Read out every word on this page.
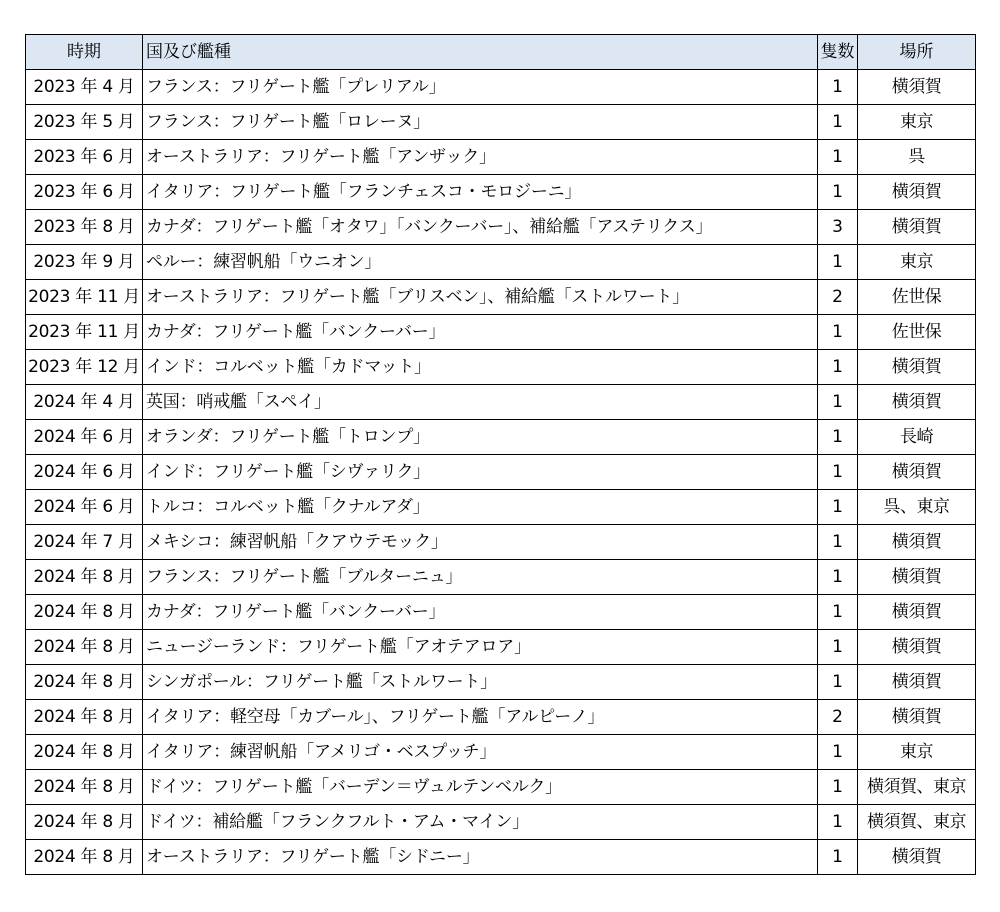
時期	国及び艦種	隻数	場所
2023 年 4 月	フランス：フリゲート艦「プレリアル」	1	横須賀
2023 年 5 月	フランス：フリゲート艦「ロレーヌ」	1	東京
2023 年 6 月	オーストラリア：フリゲート艦「アンザック」	1	呉
2023 年 6 月	イタリア：フリゲート艦「フランチェスコ・モロジーニ」	1	横須賀
2023 年 8 月	カナダ：フリゲート艦「オタワ」「バンクーバー」、補給艦「アステリクス」	3	横須賀
2023 年 9 月	ペルー：練習帆船「ウニオン」	1	東京
2023 年 11 月	オーストラリア：フリゲート艦「ブリスベン」、補給艦「ストルワート」	2	佐世保
2023 年 11 月	カナダ：フリゲート艦「バンクーバー」	1	佐世保
2023 年 12 月	インド：コルベット艦「カドマット」	1	横須賀
2024 年 4 月	英国：哨戒艦「スペイ」	1	横須賀
2024 年 6 月	オランダ：フリゲート艦「トロンプ」	1	長崎
2024 年 6 月	インド：フリゲート艦「シヴァリク」	1	横須賀
2024 年 6 月	トルコ：コルベット艦「クナルアダ」	1	呉、東京
2024 年 7 月	メキシコ：練習帆船「クアウテモック」	1	横須賀
2024 年 8 月	フランス：フリゲート艦「ブルターニュ」	1	横須賀
2024 年 8 月	カナダ：フリゲート艦「バンクーバー」	1	横須賀
2024 年 8 月	ニュージーランド：フリゲート艦「アオテアロア」	1	横須賀
2024 年 8 月	シンガポール：フリゲート艦「ストルワート」	1	横須賀
2024 年 8 月	イタリア：軽空母「カブール」、フリゲート艦「アルピーノ」	2	横須賀
2024 年 8 月	イタリア：練習帆船「アメリゴ・ベスプッチ」	1	東京
2024 年 8 月	ドイツ：フリゲート艦「バーデン＝ヴュルテンベルク」	1	横須賀、東京
2024 年 8 月	ドイツ：補給艦「フランクフルト・アム・マイン」	1	横須賀、東京
2024 年 8 月	オーストラリア：フリゲート艦「シドニー」	1	横須賀
